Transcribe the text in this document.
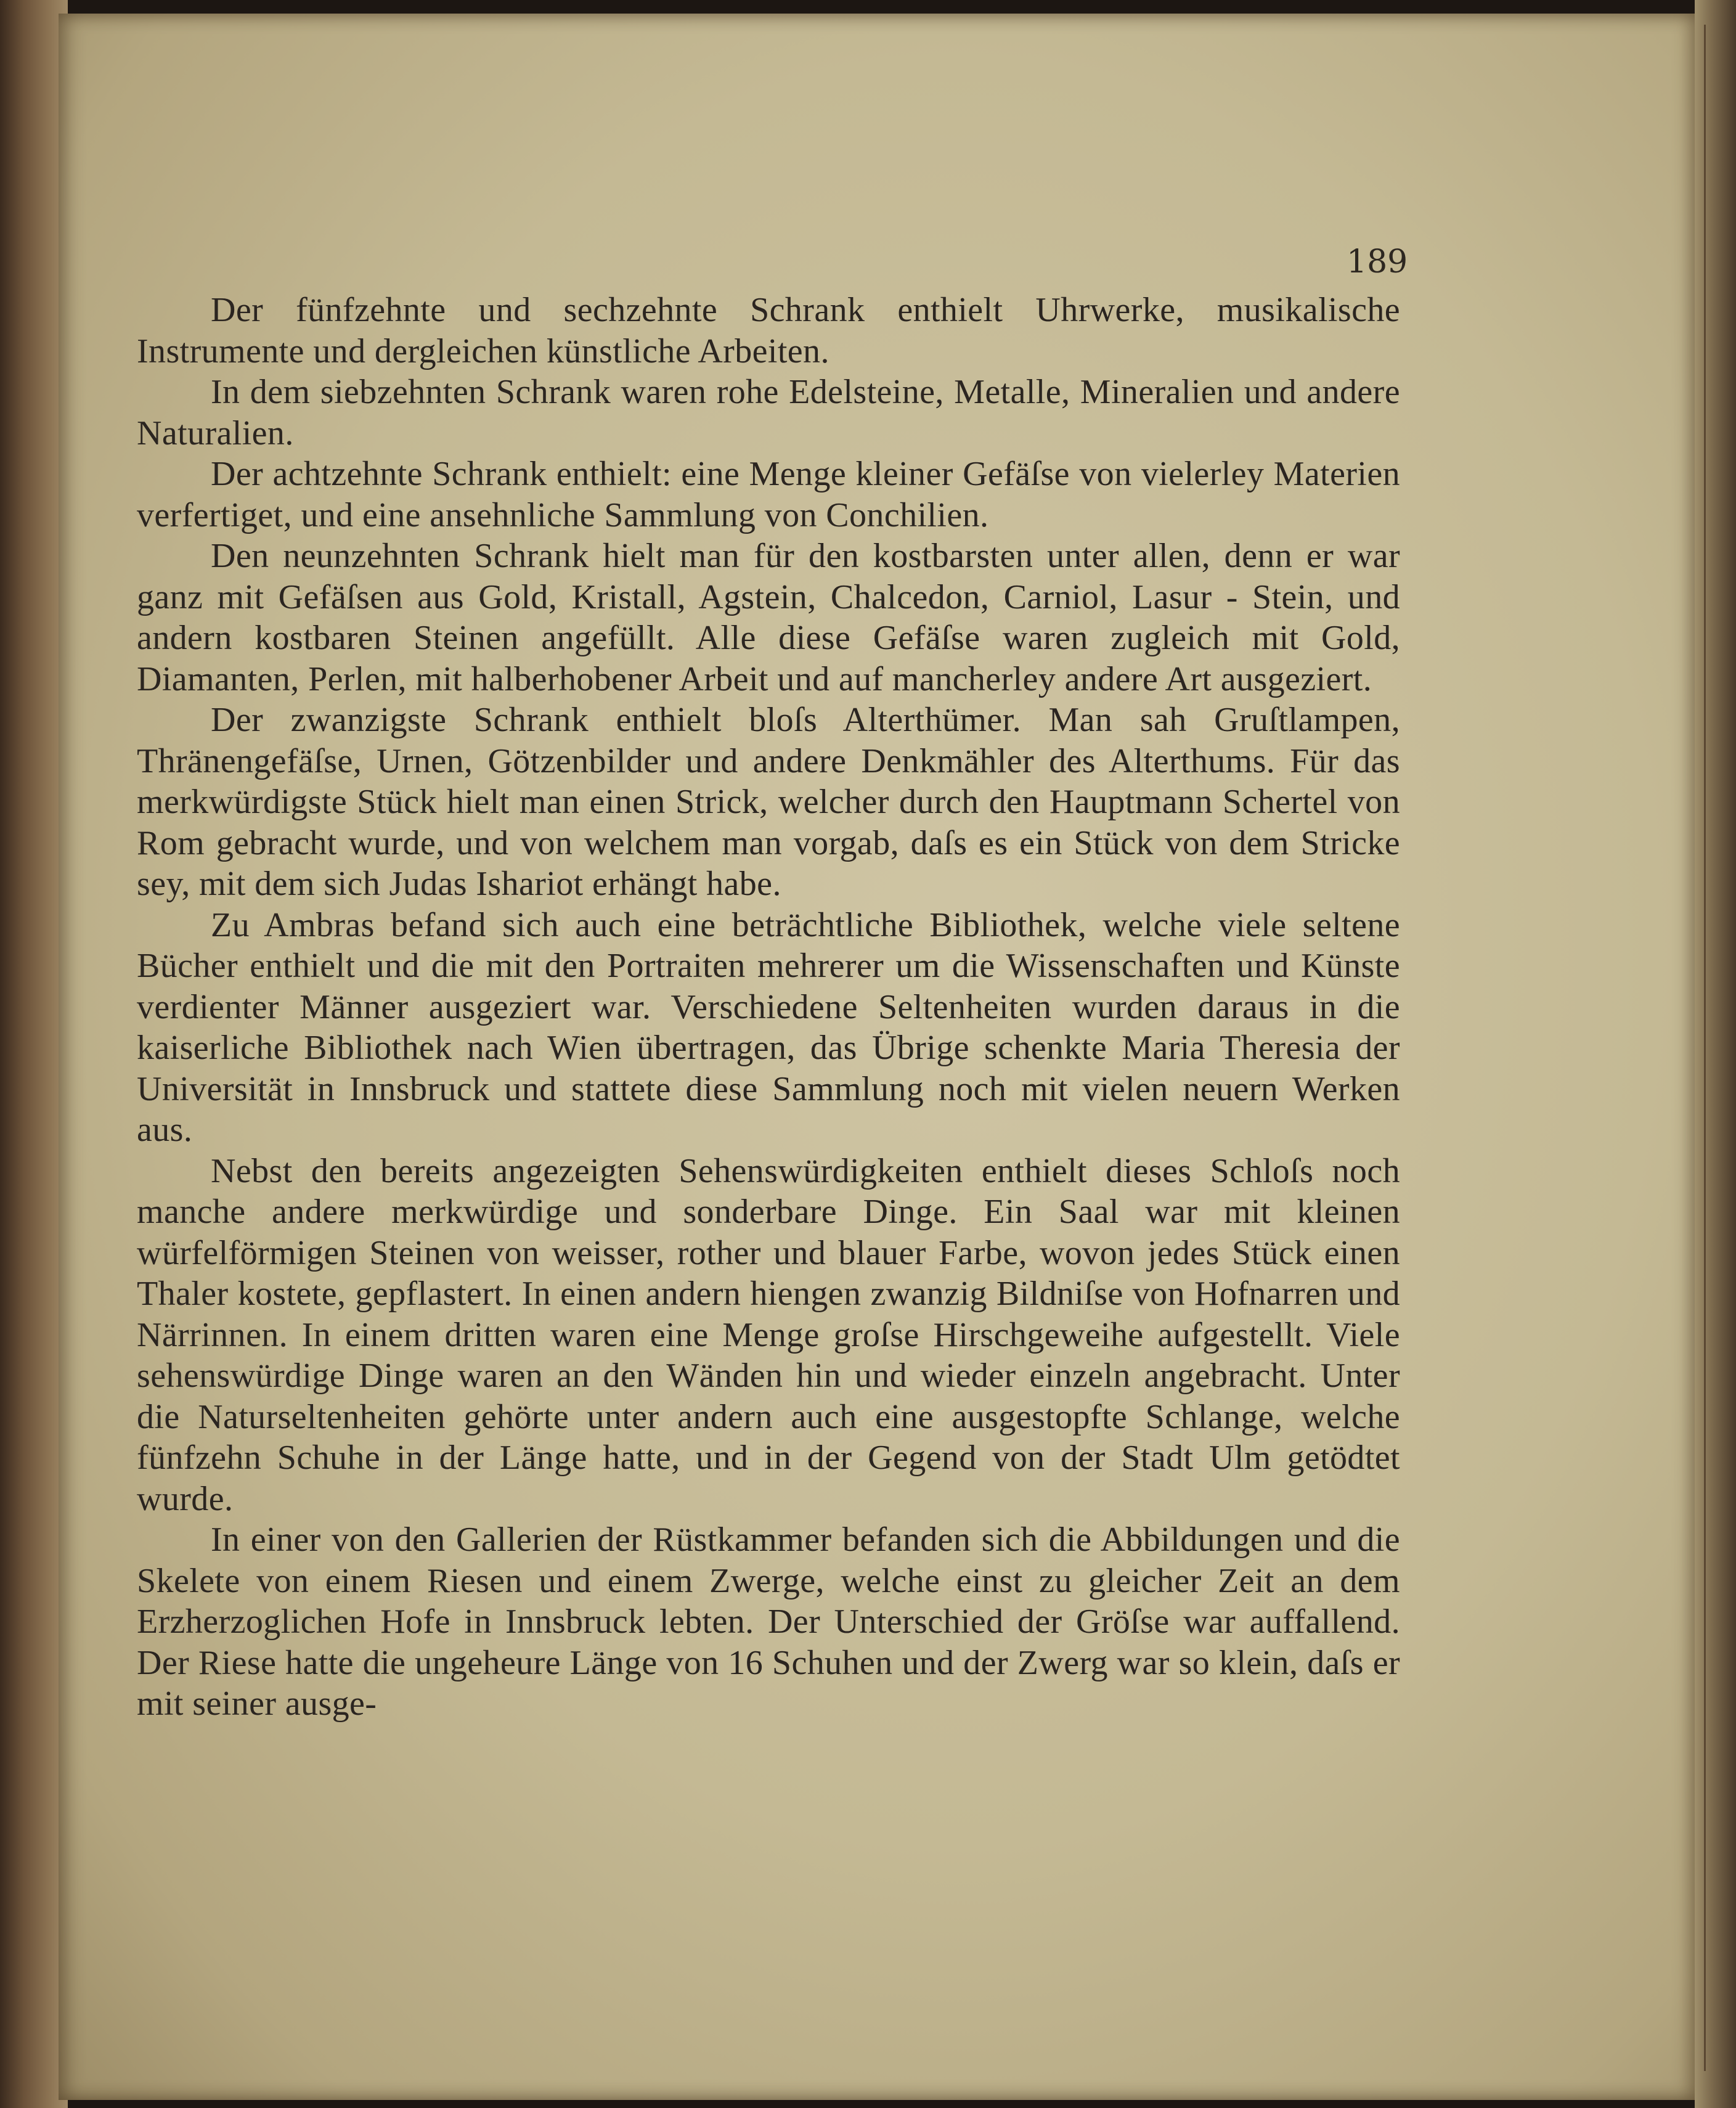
189

Der fünfzehnte und sechzehnte Schrank enthielt Uhrwerke, musikalische Instrumente und dergleichen künstliche Arbeiten.

In dem siebzehnten Schrank waren rohe Edelsteine, Metalle, Mineralien und andere Naturalien.

Der achtzehnte Schrank enthielt: eine Menge kleiner Gefäſse von vielerley Materien verfertiget, und eine ansehnliche Sammlung von Conchilien.

Den neunzehnten Schrank hielt man für den kostbarsten unter allen, denn er war ganz mit Gefäſsen aus Gold, Kristall, Agstein, Chalcedon, Carniol, Lasur - Stein, und andern kostbaren Steinen angefüllt. Alle diese Gefäſse waren zugleich mit Gold, Diamanten, Perlen, mit halberhobener Arbeit und auf mancherley andere Art ausgeziert.

Der zwanzigste Schrank enthielt bloſs Alterthümer. Man sah Gruſtlampen, Thränengefäſse, Urnen, Götzenbilder und andere Denkmähler des Alterthums. Für das merkwürdigste Stück hielt man einen Strick, welcher durch den Hauptmann Schertel von Rom gebracht wurde, und von welchem man vorgab, daſs es ein Stück von dem Stricke sey, mit dem sich Judas Ishariot erhängt habe.

Zu Ambras befand sich auch eine beträchtliche Bibliothek, welche viele seltene Bücher enthielt und die mit den Portraiten mehrerer um die Wissenschaften und Künste verdienter Männer ausgeziert war. Verschiedene Seltenheiten wurden daraus in die kaiserliche Bibliothek nach Wien übertragen, das Übrige schenkte Maria Theresia der Universität in Innsbruck und stattete diese Sammlung noch mit vielen neuern Werken aus.

Nebst den bereits angezeigten Sehenswürdigkeiten enthielt dieses Schloſs noch manche andere merkwürdige und sonderbare Dinge. Ein Saal war mit kleinen würfelförmigen Steinen von weisser, rother und blauer Farbe, wovon jedes Stück einen Thaler kostete, gepflastert. In einen andern hiengen zwanzig Bildniſse von Hofnarren und Närrinnen. In einem dritten waren eine Menge groſse Hirschgeweihe aufgestellt. Viele sehenswürdige Dinge waren an den Wänden hin und wieder einzeln angebracht. Unter die Naturseltenheiten gehörte unter andern auch eine ausgestopfte Schlange, welche fünfzehn Schuhe in der Länge hatte, und in der Gegend von der Stadt Ulm getödtet wurde.

In einer von den Gallerien der Rüstkammer befanden sich die Abbildungen und die Skelete von einem Riesen und einem Zwerge, welche einst zu gleicher Zeit an dem Erzherzoglichen Hofe in Innsbruck lebten. Der Unterschied der Gröſse war auffallend. Der Riese hatte die ungeheure Länge von 16 Schuhen und der Zwerg war so klein, daſs er mit seiner ausge-
